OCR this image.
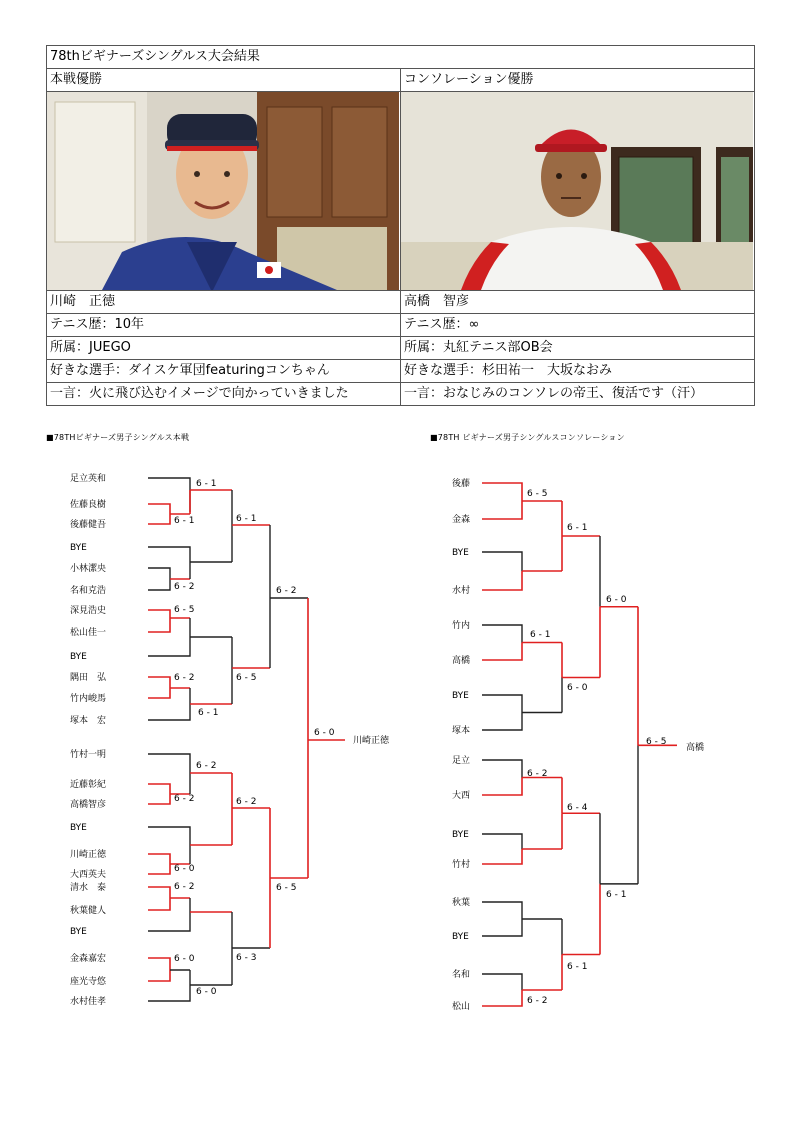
78thビギナーズシングルス大会結果	
本戦優勝	コンソレーション優勝

川崎　正徳	高橋　智彦
テニス歴：10年	テニス歴：∞
所属：JUEGO	所属：丸紅テニス部OB会
好きな選手：ダイスケ軍団featuringコンちゃん	好きな選手：杉田祐一　大坂なおみ
一言：火に飛び込むイメージで向かっていきました	一言：おなじみのコンソレの帝王、復活です（汗）
■78THビギナーズ男子シングルス本戦	■78TH ビギナーズ男子シングルスコンソレーション
足立英和
佐藤良樹
後藤健吾
BYE
小林潔央
名和克浩
深見浩史
松山佳一
BYE
隅田　弘
竹内峻馬
塚本　宏
竹村一明
近藤彰紀
高橋智彦
BYE
川崎正徳
大西英夫
清水　泰
秋葉健人
BYE
金森嘉宏
座光寺悠
水村佳孝
6 - 1
6 - 2
6 - 5
6 - 2
6 - 2
6 - 0
6 - 2
6 - 0
6 - 1
6 - 1
6 - 2
6 - 0
6 - 1
6 - 5
6 - 2
6 - 3
6 - 2
6 - 5
6 - 0
川崎正徳
後藤
金森
BYE
水村
竹内
高橋
BYE
塚本
足立
大西
BYE
竹村
秋葉
BYE
名和
松山
6 - 5
6 - 1
6 - 2
6 - 2
6 - 1
6 - 0
6 - 4
6 - 1
6 - 0
6 - 1
6 - 5
高橋
